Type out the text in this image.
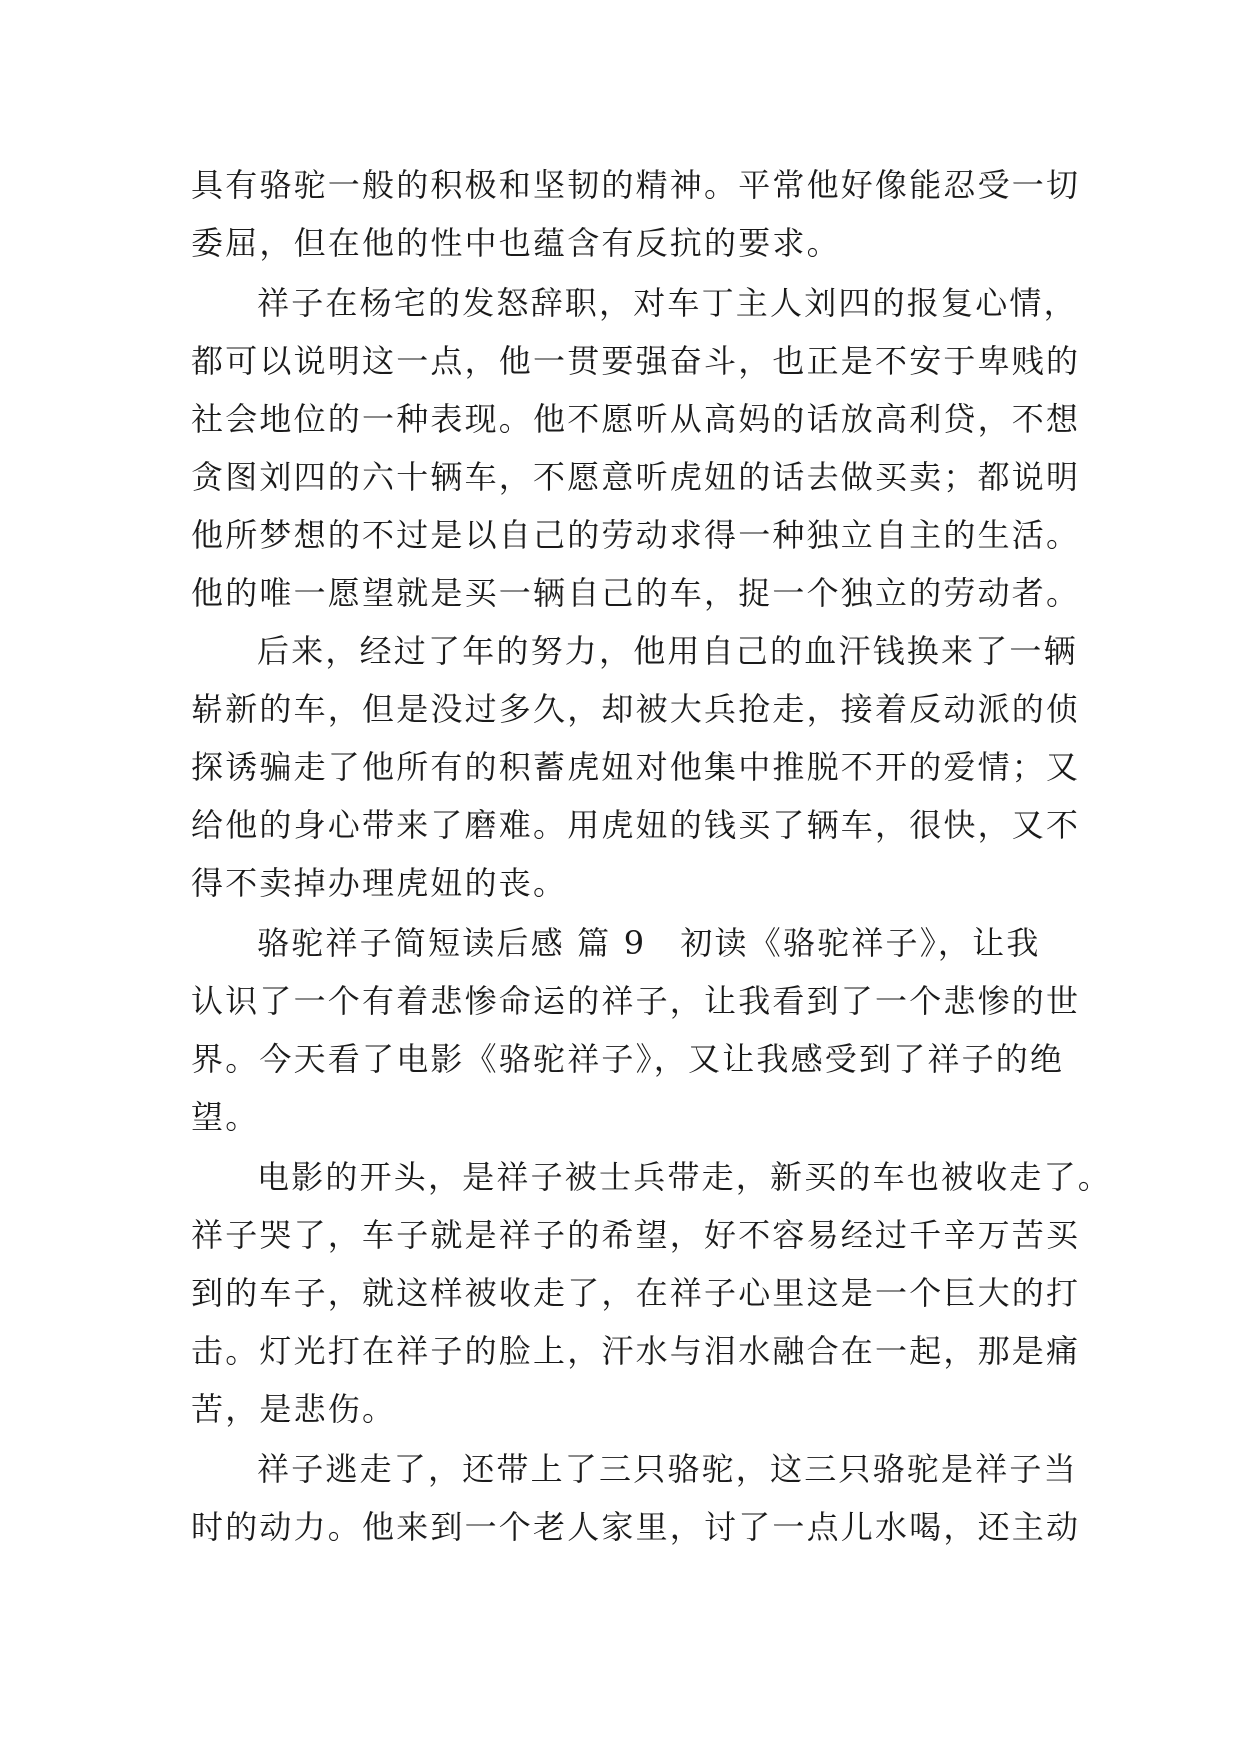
具有骆驼一般的积极和坚韧的精神。平常他好像能忍受一切
委屈，但在他的性中也蕴含有反抗的要求。
祥子在杨宅的发怒辞职，对车丁主人刘四的报复心情，
都可以说明这一点，他一贯要强奋斗，也正是不安于卑贱的
社会地位的一种表现。他不愿听从高妈的话放高利贷，不想
贪图刘四的六十辆车，不愿意听虎妞的话去做买卖；都说明
他所梦想的不过是以自己的劳动求得一种独立自主的生活。
他的唯一愿望就是买一辆自己的车，捉一个独立的劳动者。
后来，经过了年的努力，他用自己的血汗钱换来了一辆
崭新的车，但是没过多久，却被大兵抢走，接着反动派的侦
探诱骗走了他所有的积蓄虎妞对他集中推脱不开的爱情；又
给他的身心带来了磨难。用虎妞的钱买了辆车，很快，又不
得不卖掉办理虎妞的丧。
骆驼祥子简短读后感 篇 9 初读《骆驼祥子》，让我
认识了一个有着悲惨命运的祥子，让我看到了一个悲惨的世
界。今天看了电影《骆驼祥子》，又让我感受到了祥子的绝
望。
电影的开头，是祥子被士兵带走，新买的车也被收走了。
祥子哭了，车子就是祥子的希望，好不容易经过千辛万苦买
到的车子，就这样被收走了，在祥子心里这是一个巨大的打
击。灯光打在祥子的脸上，汗水与泪水融合在一起，那是痛
苦，是悲伤。
祥子逃走了，还带上了三只骆驼，这三只骆驼是祥子当
时的动力。他来到一个老人家里，讨了一点儿水喝，还主动
